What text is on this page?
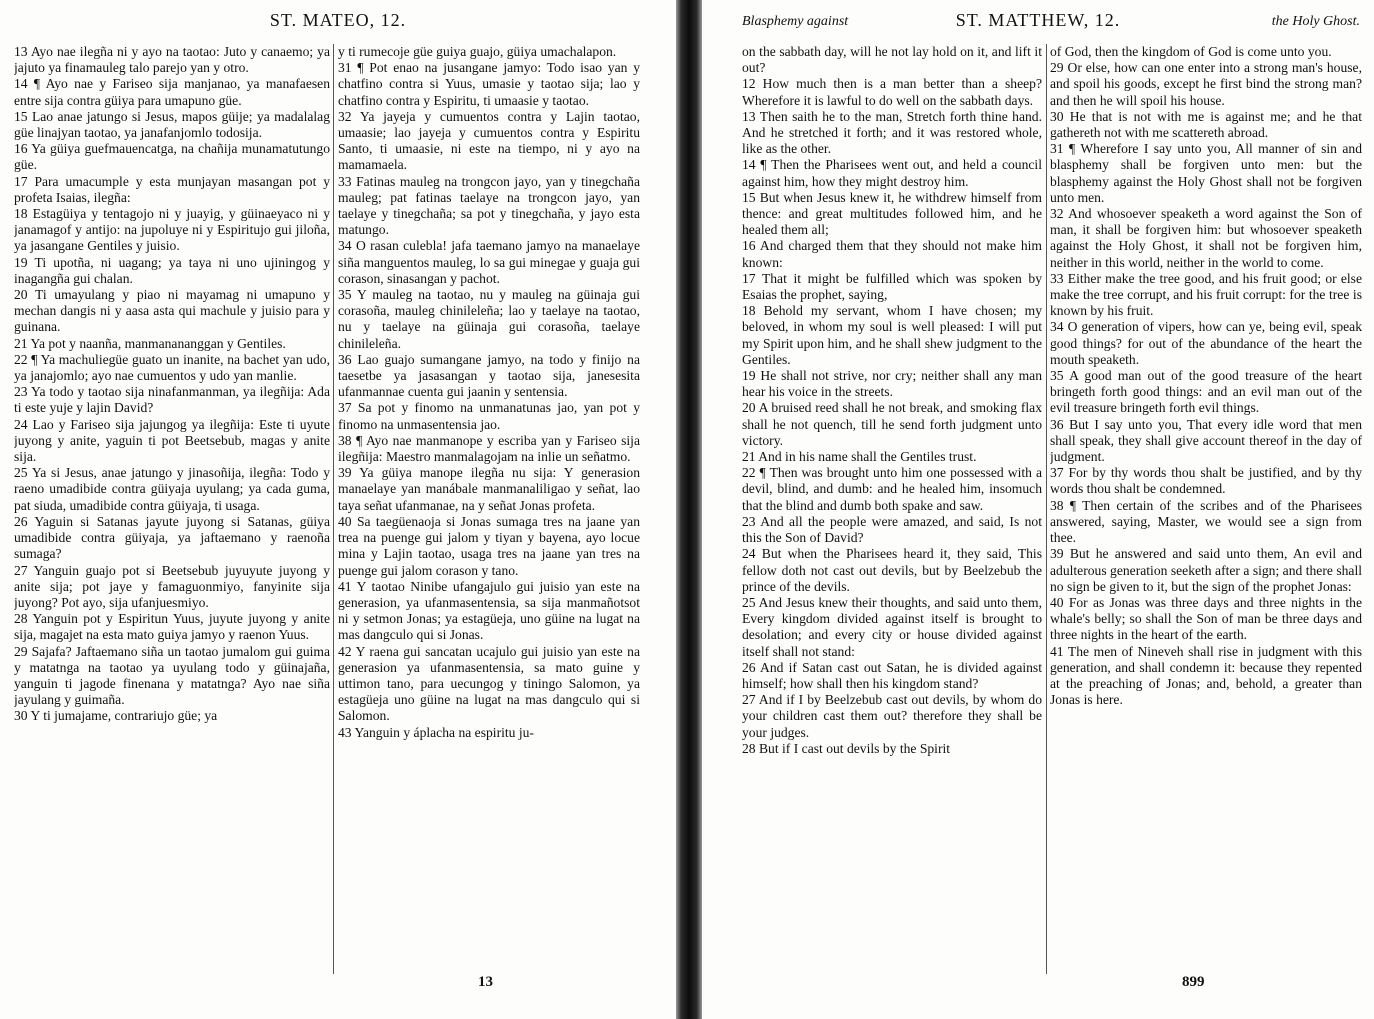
ST. MATEO, 12.

13 Ayo nae ilegña ni y ayo na taotao: Juto y canaemo; ya jajuto ya finamauleg talo parejo yan y otro.

14 ¶ Ayo nae y Fariseo sija manjanao, ya manafaesen entre sija contra güiya para umapuno güe.

15 Lao anae jatungo si Jesus, mapos güije; ya madalalag güe linajyan taotao, ya janafanjomlo todosija.

16 Ya güiya guefmauencatga, na chañija munamatutungo güe.

17 Para umacumple y esta munjayan masangan pot y profeta Isaias, ilegña:

18 Estagüiya y tentagojo ni y juayig, y güinaeyaco ni y janamagof y antijo: na jupoluye ni y Espiritujo gui jiloña, ya jasangane Gentiles y juisio.

19 Ti upotña, ni uagang; ya taya ni uno ujiningog y inagangña gui chalan.

20 Ti umayulang y piao ni mayamag ni umapuno y mechan dangis ni y aasa asta qui machule y juisio para y guinana.

21 Ya pot y naanña, manmanananggan y Gentiles.

22 ¶ Ya machuliegüe guato un inanite, na bachet yan udo, ya janajomlo; ayo nae cumuentos y udo yan manlie.

23 Ya todo y taotao sija ninafanmanman, ya ilegñija: Ada ti este yuje y lajin David?

24 Lao y Fariseo sija jajungog ya ilegñija: Este ti uyute juyong y anite, yaguin ti pot Beetsebub, magas y anite sija.

25 Ya si Jesus, anae jatungo y jinasoñija, ilegña: Todo y raeno umadibide contra güiyaja uyulang; ya cada guma, pat siuda, umadibide contra güiyaja, ti usaga.

26 Yaguin si Satanas jayute juyong si Satanas, güiya umadibide contra güiyaja, ya jaftaemano y raenoña sumaga?

27 Yanguin guajo pot si Beetsebub juyuyute juyong y anite sija; pot jaye y famaguonmiyo, fanyinite sija juyong? Pot ayo, sija ufanjuesmiyo.

28 Yanguin pot y Espiritun Yuus, juyute juyong y anite sija, magajet na esta mato guiya jamyo y raenon Yuus.

29 Sajafa? Jaftaemano siña un taotao jumalom gui guima y matatnga na taotao ya uyulang todo y güinajaña, yanguin ti jagode finenana y matatnga? Ayo nae siña jayulang y guimaña.

30 Y ti jumajame, contrariujo güe; ya

y ti rumecoje güe guiya guajo, güiya umachalapon.

31 ¶ Pot enao na jusangane jamyo: Todo isao yan y chatfino contra si Yuus, umasie y taotao sija; lao y chatfino contra y Espiritu, ti umaasie y taotao.

32 Ya jayeja y cumuentos contra y Lajin taotao, umaasie; lao jayeja y cumuentos contra y Espiritu Santo, ti umaasie, ni este na tiempo, ni y ayo na mamamaela.

33 Fatinas mauleg na trongcon jayo, yan y tinegchaña mauleg; pat fatinas taelaye na trongcon jayo, yan taelaye y tinegchaña; sa pot y tinegchaña, y jayo esta matungo.

34 O rasan culebla! jafa taemano jamyo na manaelaye siña manguentos mauleg, lo sa gui minegae y guaja gui corason, sinasangan y pachot.

35 Y mauleg na taotao, nu y mauleg na güinaja gui corasoña, mauleg chinileleña; lao y taelaye na taotao, nu y taelaye na güinaja gui corasoña, taelaye chinileleña.

36 Lao guajo sumangane jamyo, na todo y finijo na taesetbe ya jasasangan y taotao sija, janesesita ufanmannae cuenta gui jaanin y sentensia.

37 Sa pot y finomo na unmanatunas jao, yan pot y finomo na unmasentensia jao.

38 ¶ Ayo nae manmanope y escriba yan y Fariseo sija ilegñija: Maestro manmalagojam na inlie un señatmo.

39 Ya güiya manope ilegña nu sija: Y generasion manaelaye yan manábale manmanaliligao y señat, lao taya señat ufanmanae, na y señat Jonas profeta.

40 Sa taegüenaoja si Jonas sumaga tres na jaane yan trea na puenge gui jalom y tiyan y bayena, ayo locue mina y Lajin taotao, usaga tres na jaane yan tres na puenge gui jalom corason y tano.

41 Y taotao Ninibe ufangajulo gui juisio yan este na generasion, ya ufanmasentensia, sa sija manmañotsot ni y setmon Jonas; ya estagüeja, uno güine na lugat na mas dangculo qui si Jonas.

42 Y raena gui sancatan ucajulo gui juisio yan este na generasion ya ufanmasentensia, sa mato guine y uttimon tano, para uecungog y tiningo Salomon, ya estagüeja uno güine na lugat na mas dangculo qui si Salomon.

43 Yanguin y áplacha na espiritu ju-

13
Blasphemy against	ST. MATTHEW, 12.	the Holy Ghost.

on the sabbath day, will he not lay hold on it, and lift it out?

12 How much then is a man better than a sheep? Wherefore it is lawful to do well on the sabbath days.

13 Then saith he to the man, Stretch forth thine hand. And he stretched it forth; and it was restored whole, like as the other.

14 ¶ Then the Pharisees went out, and held a council against him, how they might destroy him.

15 But when Jesus knew it, he withdrew himself from thence: and great multitudes followed him, and he healed them all;

16 And charged them that they should not make him known:

17 That it might be fulfilled which was spoken by Esaias the prophet, saying,

18 Behold my servant, whom I have chosen; my beloved, in whom my soul is well pleased: I will put my Spirit upon him, and he shall shew judgment to the Gentiles.

19 He shall not strive, nor cry; neither shall any man hear his voice in the streets.

20 A bruised reed shall he not break, and smoking flax shall he not quench, till he send forth judgment unto victory.

21 And in his name shall the Gentiles trust.

22 ¶ Then was brought unto him one possessed with a devil, blind, and dumb: and he healed him, insomuch that the blind and dumb both spake and saw.

23 And all the people were amazed, and said, Is not this the Son of David?

24 But when the Pharisees heard it, they said, This fellow doth not cast out devils, but by Beelzebub the prince of the devils.

25 And Jesus knew their thoughts, and said unto them, Every kingdom divided against itself is brought to desolation; and every city or house divided against itself shall not stand:

26 And if Satan cast out Satan, he is divided against himself; how shall then his kingdom stand?

27 And if I by Beelzebub cast out devils, by whom do your children cast them out? therefore they shall be your judges.

28 But if I cast out devils by the Spirit

of God, then the kingdom of God is come unto you.

29 Or else, how can one enter into a strong man's house, and spoil his goods, except he first bind the strong man? and then he will spoil his house.

30 He that is not with me is against me; and he that gathereth not with me scattereth abroad.

31 ¶ Wherefore I say unto you, All manner of sin and blasphemy shall be forgiven unto men: but the blasphemy against the Holy Ghost shall not be forgiven unto men.

32 And whosoever speaketh a word against the Son of man, it shall be forgiven him: but whosoever speaketh against the Holy Ghost, it shall not be forgiven him, neither in this world, neither in the world to come.

33 Either make the tree good, and his fruit good; or else make the tree corrupt, and his fruit corrupt: for the tree is known by his fruit.

34 O generation of vipers, how can ye, being evil, speak good things? for out of the abundance of the heart the mouth speaketh.

35 A good man out of the good treasure of the heart bringeth forth good things: and an evil man out of the evil treasure bringeth forth evil things.

36 But I say unto you, That every idle word that men shall speak, they shall give account thereof in the day of judgment.

37 For by thy words thou shalt be justified, and by thy words thou shalt be condemned.

38 ¶ Then certain of the scribes and of the Pharisees answered, saying, Master, we would see a sign from thee.

39 But he answered and said unto them, An evil and adulterous generation seeketh after a sign; and there shall no sign be given to it, but the sign of the prophet Jonas:

40 For as Jonas was three days and three nights in the whale's belly; so shall the Son of man be three days and three nights in the heart of the earth.

41 The men of Nineveh shall rise in judgment with this generation, and shall condemn it: because they repented at the preaching of Jonas; and, behold, a greater than Jonas is here.

899
